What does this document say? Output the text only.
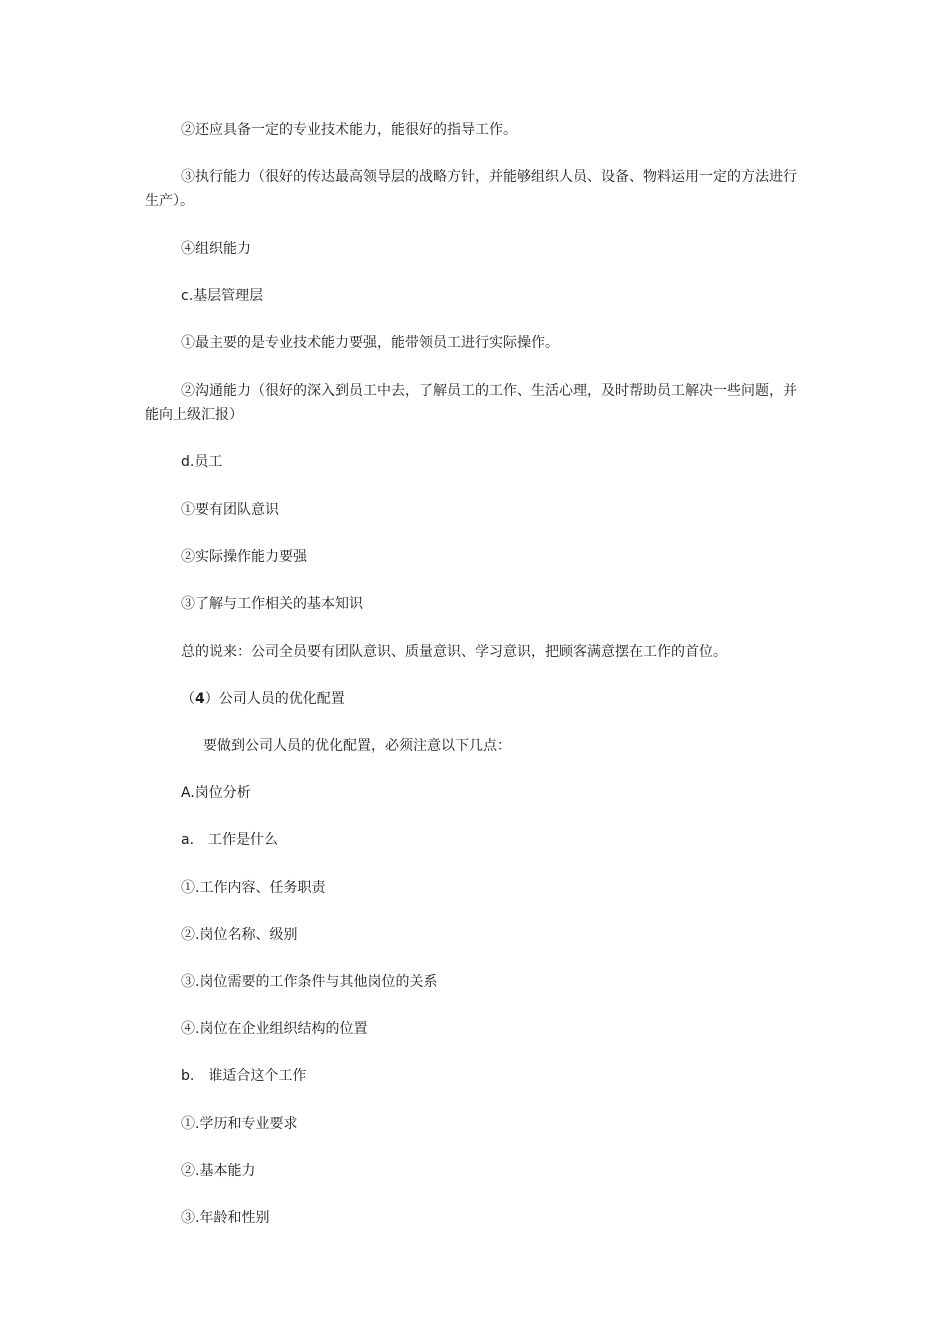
②还应具备一定的专业技术能力，能很好的指导工作。
③执行能力（很好的传达最高领导层的战略方针，并能够组织人员、设备、物料运用一定的方法进行生产）。
④组织能力
c.基层管理层
①最主要的是专业技术能力要强，能带领员工进行实际操作。
②沟通能力（很好的深入到员工中去，了解员工的工作、生活心理，及时帮助员工解决一些问题，并能向上级汇报）
d.员工
①要有团队意识
②实际操作能力要强
③了解与工作相关的基本知识
总的说来：公司全员要有团队意识、质量意识、学习意识，把顾客满意摆在工作的首位。
（4）公司人员的优化配置
要做到公司人员的优化配置，必须注意以下几点：
A.岗位分析
a. 工作是什么
①.工作内容、任务职责
②.岗位名称、级别
③.岗位需要的工作条件与其他岗位的关系
④.岗位在企业组织结构的位置
b. 谁适合这个工作
①.学历和专业要求
②.基本能力
③.年龄和性别
